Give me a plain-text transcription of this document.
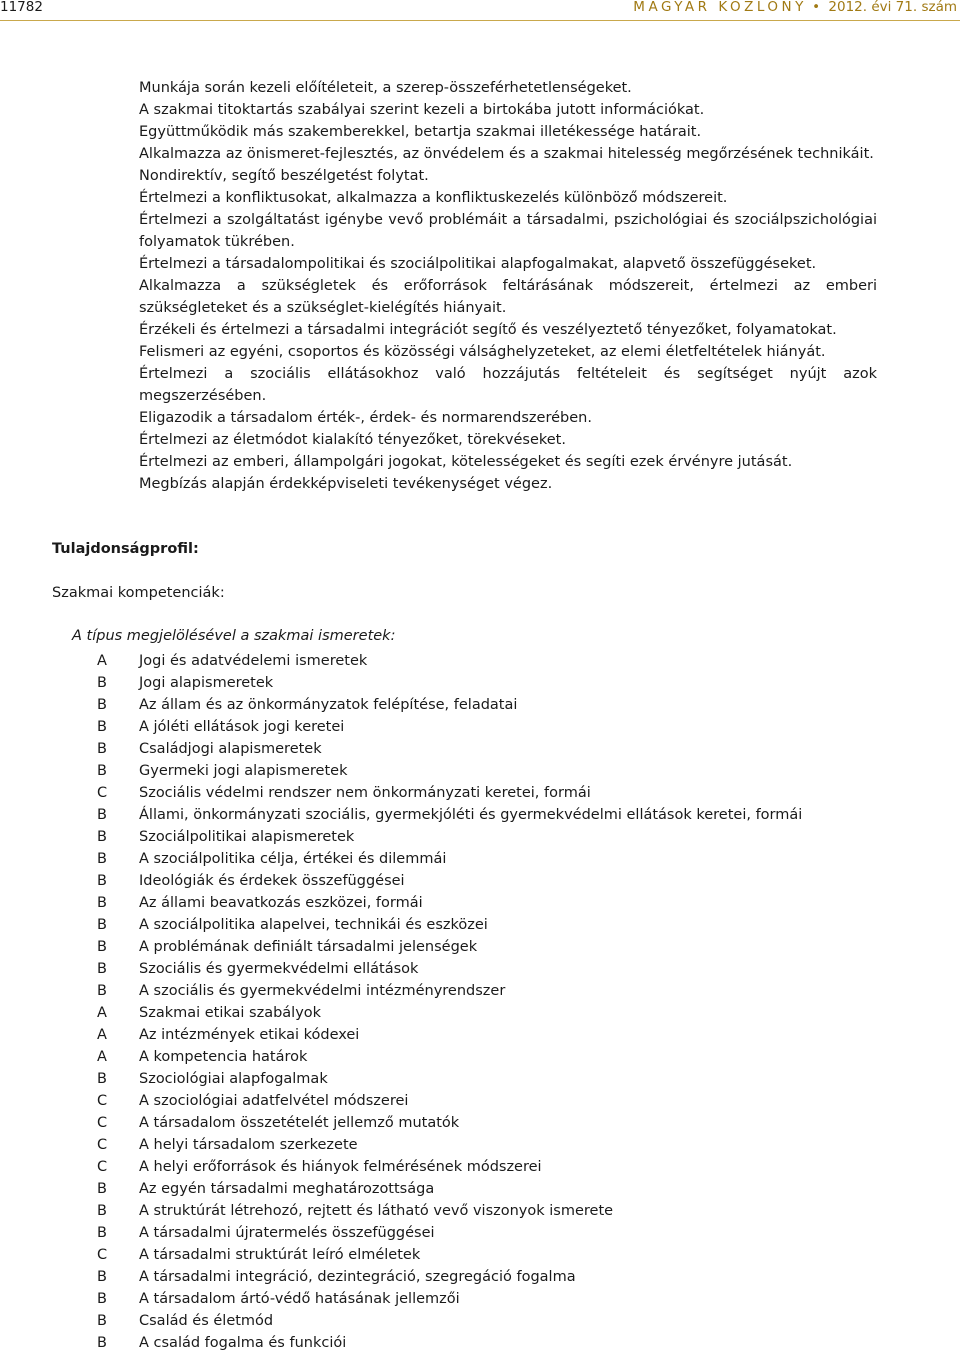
11782	MAGYAR KÖZLÖNY • 2012. évi 71. szám
Munkája során kezeli előítéleteit, a szerep-összeférhetetlenségeket.
A szakmai titoktartás szabályai szerint kezeli a birtokába jutott információkat.
Együttműködik más szakemberekkel, betartja szakmai illetékessége határait.
Alkalmazza az önismeret-fejlesztés, az önvédelem és a szakmai hitelesség megőrzésének technikáit.
Nondirektív, segítő beszélgetést folytat.
Értelmezi a konfliktusokat, alkalmazza a konfliktuskezelés különböző módszereit.
Értelmezi a szolgáltatást igénybe vevő problémáit a társadalmi, pszichológiai és szociálpszichológiai folyamatok tükrében.
Értelmezi a társadalompolitikai és szociálpolitikai alapfogalmakat, alapvető összefüggéseket.
Alkalmazza a szükségletek és erőforrások feltárásának módszereit, értelmezi az emberi szükségleteket és a szükséglet-kielégítés hiányait.
Érzékeli és értelmezi a társadalmi integrációt segítő és veszélyeztető tényezőket, folyamatokat.
Felismeri az egyéni, csoportos és közösségi válsághelyzeteket, az elemi életfeltételek hiányát.
Értelmezi a szociális ellátásokhoz való hozzájutás feltételeit és segítséget nyújt azok megszerzésében.
Eligazodik a társadalom érték-, érdek- és normarendszerében.
Értelmezi az életmódot kialakító tényezőket, törekvéseket.
Értelmezi az emberi, állampolgári jogokat, kötelességeket és segíti ezek érvényre jutását.
Megbízás alapján érdekképviseleti tevékenységet végez.
Tulajdonságprofil:
Szakmai kompetenciák:
A típus megjelölésével a szakmai ismeretek:
A	Jogi és adatvédelemi ismeretek
B	Jogi alapismeretek
B	Az állam és az önkormányzatok felépítése, feladatai
B	A jóléti ellátások jogi keretei
B	Családjogi alapismeretek
B	Gyermeki jogi alapismeretek
C	Szociális védelmi rendszer nem önkormányzati keretei, formái
B	Állami, önkormányzati szociális, gyermekjóléti és gyermekvédelmi ellátások keretei, formái
B	Szociálpolitikai alapismeretek
B	A szociálpolitika célja, értékei és dilemmái
B	Ideológiák és érdekek összefüggései
B	Az állami beavatkozás eszközei, formái
B	A szociálpolitika alapelvei, technikái és eszközei
B	A problémának definiált társadalmi jelenségek
B	Szociális és gyermekvédelmi ellátások
B	A szociális és gyermekvédelmi intézményrendszer
A	Szakmai etikai szabályok
A	Az intézmények etikai kódexei
A	A kompetencia határok
B	Szociológiai alapfogalmak
C	A szociológiai adatfelvétel módszerei
C	A társadalom összetételét jellemző mutatók
C	A helyi társadalom szerkezete
C	A helyi erőforrások és hiányok felmérésének módszerei
B	Az egyén társadalmi meghatározottsága
B	A struktúrát létrehozó, rejtett és látható vevő viszonyok ismerete
B	A társadalmi újratermelés összefüggései
C	A társadalmi struktúrát leíró elméletek
B	A társadalmi integráció, dezintegráció, szegregáció fogalma
B	A társadalom ártó-védő hatásának jellemzői
B	Család és életmód
B	A család fogalma és funkciói
